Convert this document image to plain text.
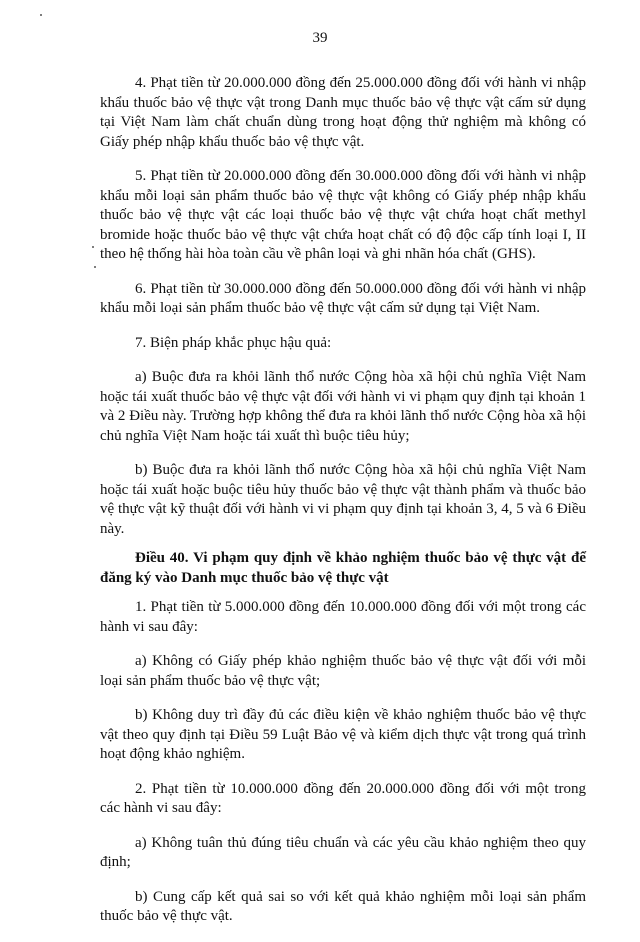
39

4. Phạt tiền từ 20.000.000 đồng đến 25.000.000 đồng đối với hành vi nhập khẩu thuốc bảo vệ thực vật trong Danh mục thuốc bảo vệ thực vật cấm sử dụng tại Việt Nam làm chất chuẩn dùng trong hoạt động thử nghiệm mà không có Giấy phép nhập khẩu thuốc bảo vệ thực vật.

5. Phạt tiền từ 20.000.000 đồng đến 30.000.000 đồng đối với hành vi nhập khẩu mỗi loại sản phẩm thuốc bảo vệ thực vật không có Giấy phép nhập khẩu thuốc bảo vệ thực vật các loại thuốc bảo vệ thực vật chứa hoạt chất methyl bromide hoặc thuốc bảo vệ thực vật chứa hoạt chất có độ độc cấp tính loại I, II theo hệ thống hài hòa toàn cầu về phân loại và ghi nhãn hóa chất (GHS).

6. Phạt tiền từ 30.000.000 đồng đến 50.000.000 đồng đối với hành vi nhập khẩu mỗi loại sản phẩm thuốc bảo vệ thực vật cấm sử dụng tại Việt Nam.

7. Biện pháp khắc phục hậu quả:

a) Buộc đưa ra khỏi lãnh thổ nước Cộng hòa xã hội chủ nghĩa Việt Nam hoặc tái xuất thuốc bảo vệ thực vật đối với hành vi vi phạm quy định tại khoản 1 và 2 Điều này. Trường hợp không thể đưa ra khỏi lãnh thổ nước Cộng hòa xã hội chủ nghĩa Việt Nam hoặc tái xuất thì buộc tiêu hủy;

b) Buộc đưa ra khỏi lãnh thổ nước Cộng hòa xã hội chủ nghĩa Việt Nam hoặc tái xuất hoặc buộc tiêu hủy thuốc bảo vệ thực vật thành phẩm và thuốc bảo vệ thực vật kỹ thuật đối với hành vi vi phạm quy định tại khoản 3, 4, 5 và 6 Điều này.

Điều 40. Vi phạm quy định về khảo nghiệm thuốc bảo vệ thực vật để đăng ký vào Danh mục thuốc bảo vệ thực vật

1. Phạt tiền từ 5.000.000 đồng đến 10.000.000 đồng đối với một trong các hành vi sau đây:

a) Không có Giấy phép khảo nghiệm thuốc bảo vệ thực vật đối với mỗi loại sản phẩm thuốc bảo vệ thực vật;

b) Không duy trì đầy đủ các điều kiện về khảo nghiệm thuốc bảo vệ thực vật theo quy định tại Điều 59 Luật Bảo vệ và kiểm dịch thực vật trong quá trình hoạt động khảo nghiệm.

2. Phạt tiền từ 10.000.000 đồng đến 20.000.000 đồng đối với một trong các hành vi sau đây:

a) Không tuân thủ đúng tiêu chuẩn và các yêu cầu khảo nghiệm theo quy định;

b) Cung cấp kết quả sai so với kết quả khảo nghiệm mỗi loại sản phẩm thuốc bảo vệ thực vật.
